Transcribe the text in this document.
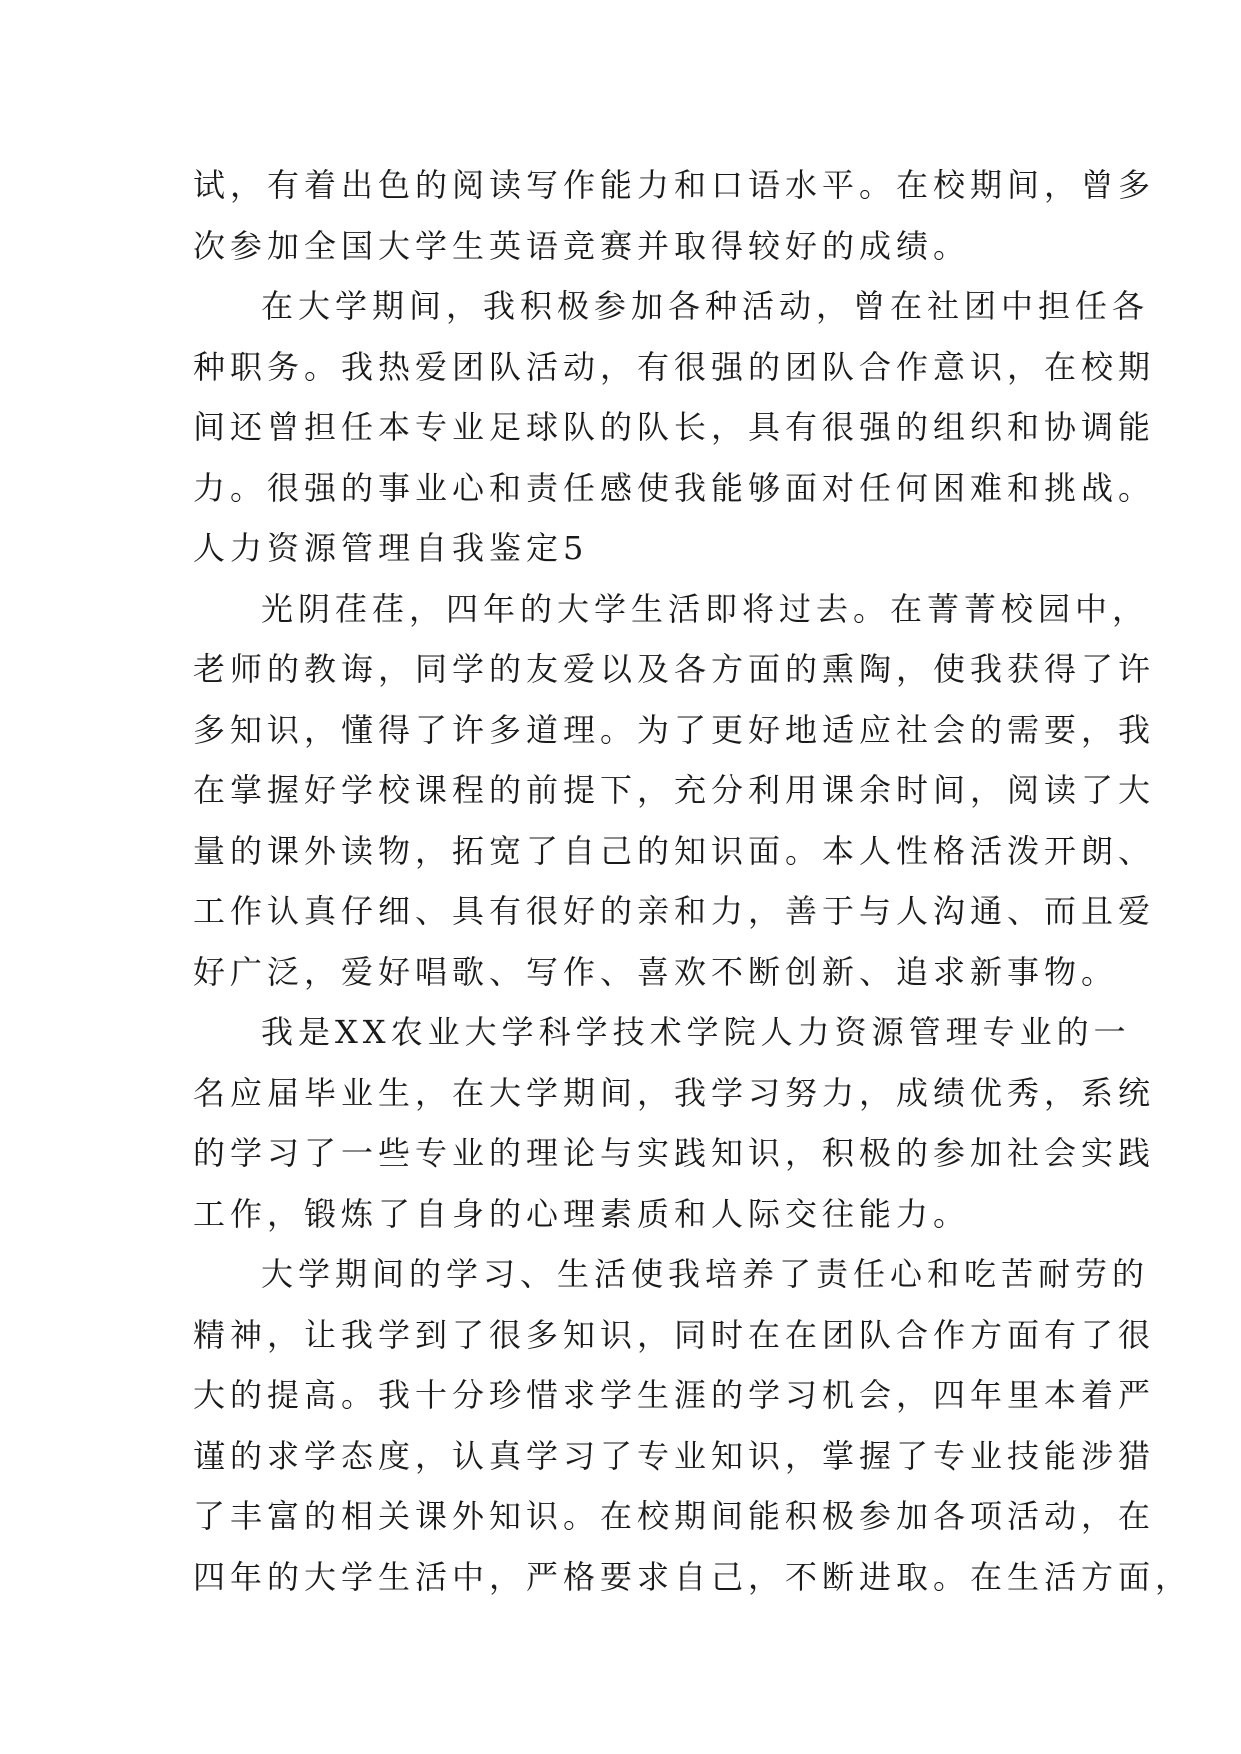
试，有着出色的阅读写作能力和口语水平。在校期间，曾多
次参加全国大学生英语竞赛并取得较好的成绩。
在大学期间，我积极参加各种活动，曾在社团中担任各
种职务。我热爱团队活动，有很强的团队合作意识，在校期
间还曾担任本专业足球队的队长，具有很强的组织和协调能
力。很强的事业心和责任感使我能够面对任何困难和挑战。
人力资源管理自我鉴定5
光阴荏荏，四年的大学生活即将过去。在菁菁校园中，
老师的教诲，同学的友爱以及各方面的熏陶，使我获得了许
多知识，懂得了许多道理。为了更好地适应社会的需要，我
在掌握好学校课程的前提下，充分利用课余时间，阅读了大
量的课外读物，拓宽了自己的知识面。本人性格活泼开朗、
工作认真仔细、具有很好的亲和力，善于与人沟通、而且爱
好广泛，爱好唱歌、写作、喜欢不断创新、追求新事物。
我是XX农业大学科学技术学院人力资源管理专业的一
名应届毕业生，在大学期间，我学习努力，成绩优秀，系统
的学习了一些专业的理论与实践知识，积极的参加社会实践
工作，锻炼了自身的心理素质和人际交往能力。
大学期间的学习、生活使我培养了责任心和吃苦耐劳的
精神，让我学到了很多知识，同时在在团队合作方面有了很
大的提高。我十分珍惜求学生涯的学习机会，四年里本着严
谨的求学态度，认真学习了专业知识，掌握了专业技能涉猎
了丰富的相关课外知识。在校期间能积极参加各项活动，在
四年的大学生活中，严格要求自己，不断进取。在生活方面，
